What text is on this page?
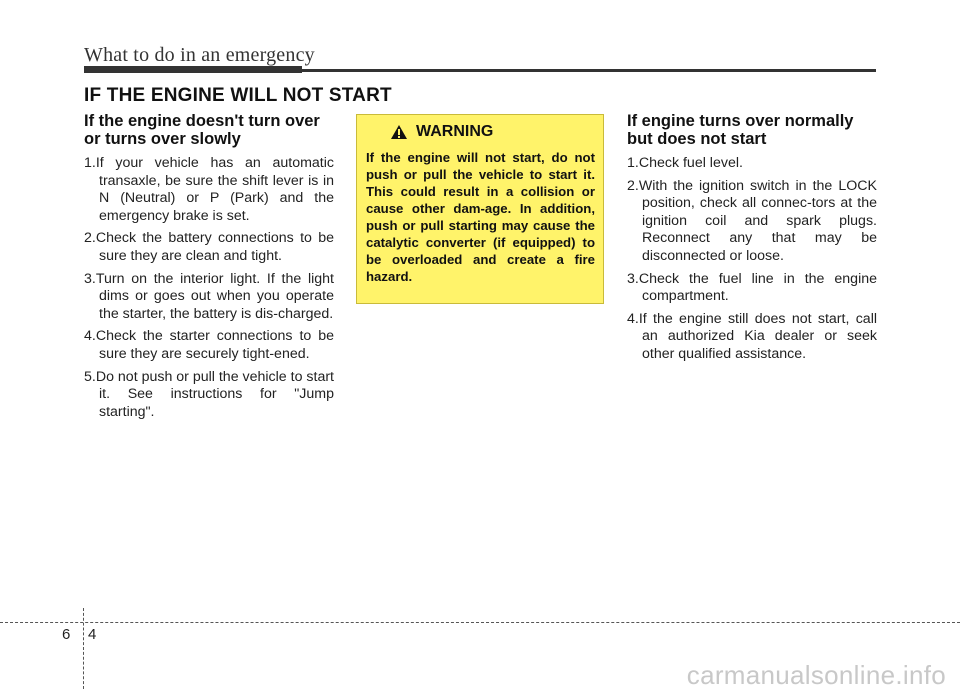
What to do in an emergency
IF THE ENGINE WILL NOT START
If the engine doesn't turn over or turns over slowly
1.If your vehicle has an automatic transaxle, be sure the shift lever is in N (Neutral) or P (Park) and the emergency brake is set.
2.Check the battery connections to be sure they are clean and tight.
3.Turn on the interior light. If the light dims or goes out when you operate the starter, the battery is dis-charged.
4.Check the starter connections to be sure they are securely tight-ened.
5.Do not push or pull the vehicle to start it. See instructions for "Jump starting".
WARNING
If the engine will not start, do not push or pull the vehicle to start it. This could result in a collision or cause other dam-age. In addition, push or pull starting may cause the catalytic converter (if equipped) to be overloaded and create a fire hazard.
If engine turns over normally but does not start
1.Check fuel level.
2.With the ignition switch in the LOCK position, check all connec-tors at the ignition coil and spark plugs. Reconnect any that may be disconnected or loose.
3.Check the fuel line in the engine compartment.
4.If the engine still does not start, call an authorized Kia dealer or seek other qualified assistance.
6 4
carmanualsonline.info
